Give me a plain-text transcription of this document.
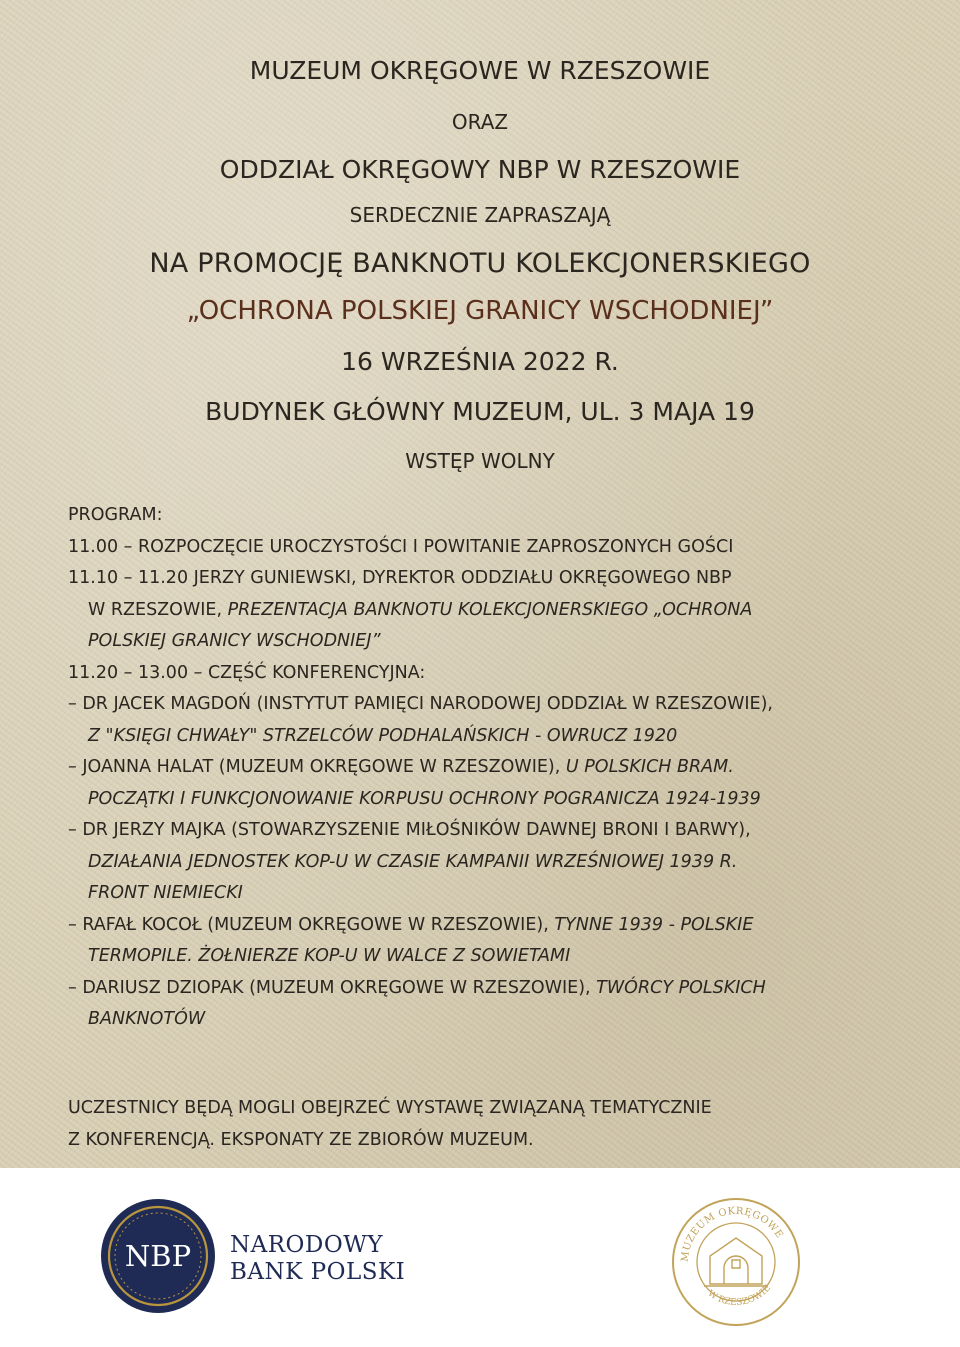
MUZEUM OKRĘGOWE W RZESZOWIE
ORAZ
ODDZIAŁ OKRĘGOWY NBP W RZESZOWIE
SERDECZNIE ZAPRASZAJĄ
NA PROMOCJĘ BANKNOTU KOLEKCJONERSKIEGO
„OCHRONA POLSKIEJ GRANICY WSCHODNIEJ”
16 WRZEŚNIA 2022 R.
BUDYNEK GŁÓWNY MUZEUM, UL. 3 MAJA 19
WSTĘP WOLNY
PROGRAM:
11.00 – ROZPOCZĘCIE UROCZYSTOŚCI I POWITANIE ZAPROSZONYCH GOŚCI
11.10 – 11.20 JERZY GUNIEWSKI, DYREKTOR ODDZIAŁU OKRĘGOWEGO NBP
W RZESZOWIE, PREZENTACJA BANKNOTU KOLEKCJONERSKIEGO „OCHRONA
POLSKIEJ GRANICY WSCHODNIEJ”
11.20 – 13.00 – CZĘŚĆ KONFERENCYJNA:
– DR JACEK MAGDOŃ (INSTYTUT PAMIĘCI NARODOWEJ ODDZIAŁ W RZESZOWIE),
Z "KSIĘGI CHWAŁY" STRZELCÓW PODHALAŃSKICH - OWRUCZ 1920
– JOANNA HALAT (MUZEUM OKRĘGOWE W RZESZOWIE), U POLSKICH BRAM.
POCZĄTKI I FUNKCJONOWANIE KORPUSU OCHRONY POGRANICZA 1924-1939
– DR JERZY MAJKA (STOWARZYSZENIE MIŁOŚNIKÓW DAWNEJ BRONI I BARWY),
DZIAŁANIA JEDNOSTEK KOP-U W CZASIE KAMPANII WRZEŚNIOWEJ 1939 R.
FRONT NIEMIECKI
– RAFAŁ KOCOŁ (MUZEUM OKRĘGOWE W RZESZOWIE), TYNNE 1939 - POLSKIE
TERMOPILE. ŻOŁNIERZE KOP-U W WALCE Z SOWIETAMI
– DARIUSZ DZIOPAK (MUZEUM OKRĘGOWE W RZESZOWIE), TWÓRCY POLSKICH
BANKNOTÓW
UCZESTNICY BĘDĄ MOGLI OBEJRZEĆ WYSTAWĘ ZWIĄZANĄ TEMATYCZNIE
Z KONFERENCJĄ. EKSPONATY ZE ZBIORÓW MUZEUM.
NBP NARODOWY
BANK POLSKI
MUZEUM OKRĘGOWE
W RZESZOWIE
